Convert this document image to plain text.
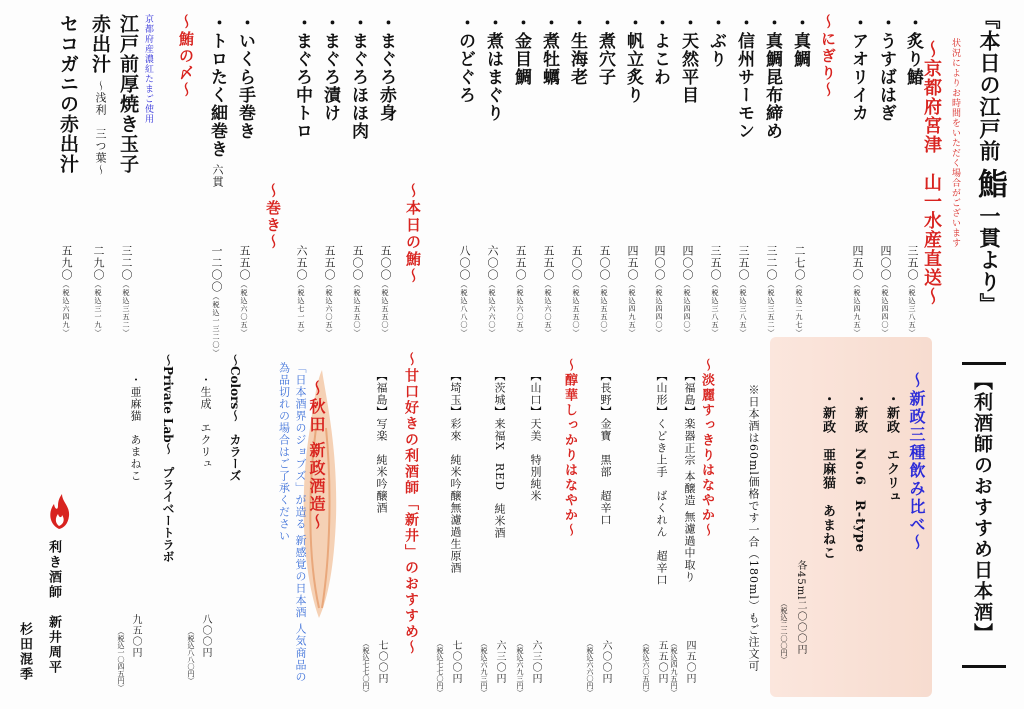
『本日の江戸前鮨一貫より』
状況によりお時間をいただく場合がございます
〜京都府宮津　山一水産直送〜
・アオリイカ
四五〇（税込四九五）
・うすばはぎ
四〇〇（税込四四〇）
・炙り鰆
三五〇（税込三八五）
・真鯛
二七〇（税込二九七）
・真鯛昆布締め
三二〇（税込三五二）
・信州サーモン
三五〇（税込三八五）
・ぶり
三五〇（税込三八五）
・天然平目
四〇〇（税込四四〇）
・よこわ
四〇〇（税込四四〇）
・帆立炙り
四五〇（税込四九五）
・煮穴子
五〇〇（税込五五〇）
・生海老
五〇〇（税込五五〇）
・煮牡蠣
五五〇（税込六〇五）
・金目鯛
五五〇（税込六〇五）
・煮はまぐり
六〇〇（税込六六〇）
・のどぐろ
八〇〇（税込八八〇）
・まぐろ赤身
五〇〇（税込五五〇）
・まぐろほほ肉
五〇〇（税込五五〇）
・まぐろ漬け
五五〇（税込六〇五）
・まぐろ中トロ
六五〇（税込七一五）
・いくら手巻き
五五〇（税込六〇五）
・トロたく細巻き六貫
一二〇〇（税込一三二〇）
江戸前厚焼き玉子
三二〇（税込三五二）
赤出汁〜浅利　三つ葉〜
二九〇（税込三一九）
セコガニの赤出汁
五九〇（税込六四九）
〜にぎり〜
〜本日の鮪〜
〜巻き〜
京都府産濃紅たまご使用 〜鮪の〆〜
【利酒師のおすすめ日本酒】
〜新政三種飲み比べ〜
・新政　エクリュ
・新政　No.6　R-type
・新政　亜麻猫　あまねこ
各45ml二〇〇〇円
（税込二二〇〇円）
※日本酒は60ml価格です一合（180ml）もご注文可
〜淡麗すっきりはなやか〜
〜醇華しっかりはなやか〜
〜甘口好きの利酒師「新井」のおすすめ〜	【福島】楽器正宗 本醸造 無濾過中取り
四五〇円
（税込四九五円）
【山形】くどき上手　ばくれん　超辛口
五五〇円
（税込六〇五円）
【長野】金寶　黒部　超辛口
六〇〇円
（税込六六〇円）
【山口】天美　特別純米
六三〇円
（税込六九三円）
【茨城】来福X　RED　純米酒
六三〇円
（税込六九三円）
【埼玉】彩來　純米吟醸無濾過生原酒
七〇〇円
（税込七七〇円）
【福島】写楽　純米吟醸酒
七〇〇円
（税込七七〇円）
〜秋田 新政酒造〜
「日本酒界のジョブズ」が造る 新感覚の日本酒 人気商品の為品切れの場合はご了承ください
〜Colors〜　カラーズ
・生成　エクリュ
八〇〇円
（税込八八〇円）
〜Private Lab〜　プライベートラボ
・亜麻猫　あまねこ
九五〇円
（税込一〇四五円）
利き酒師　新井周平
杉田混季
